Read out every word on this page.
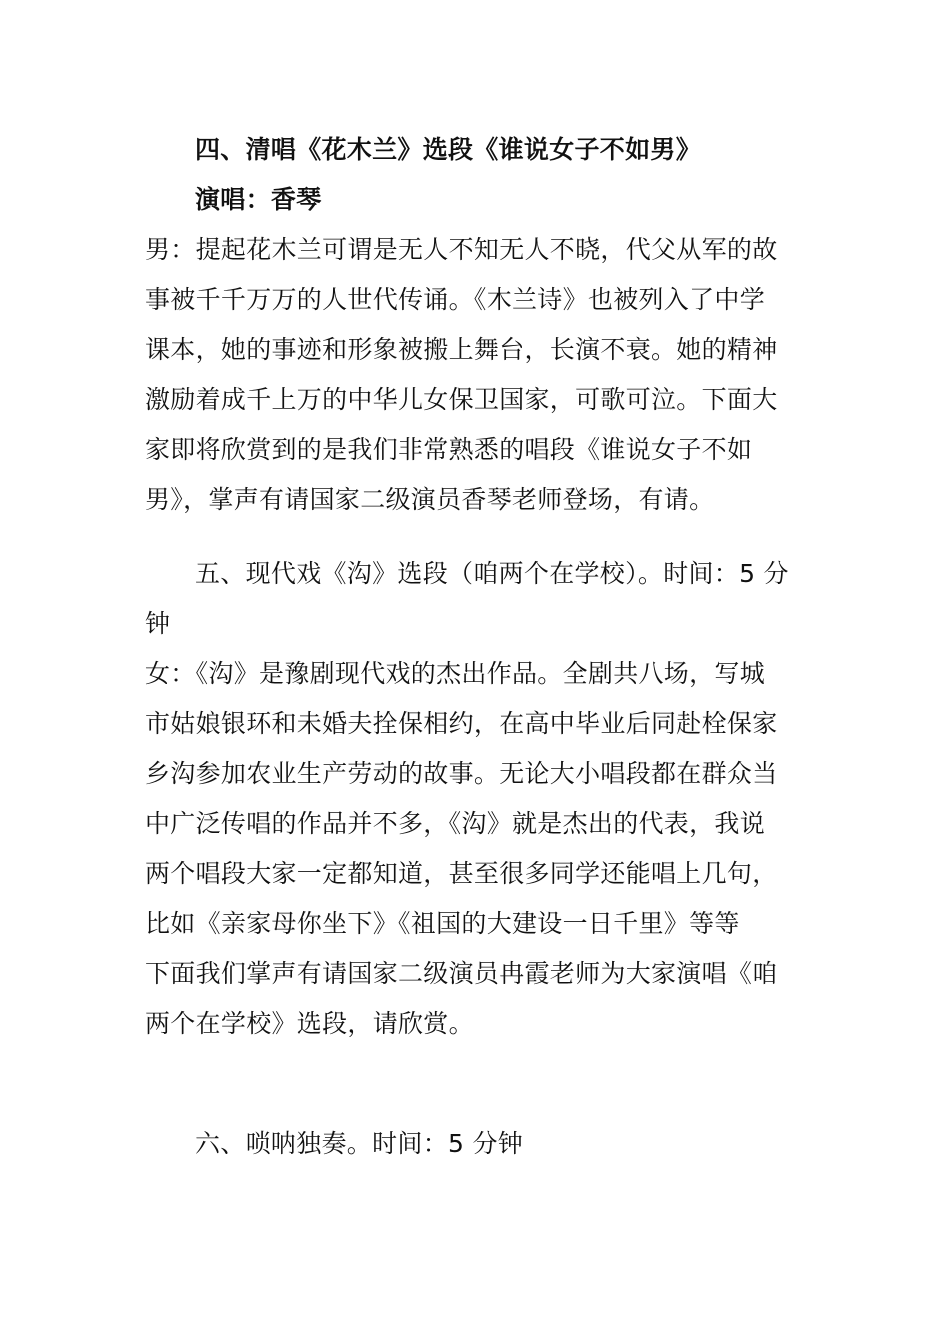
四、清唱《花木兰》选段《谁说女子不如男》
演唱：香琴
男：提起花木兰可谓是无人不知无人不晓，代父从军的故
事被千千万万的人世代传诵。《木兰诗》也被列入了中学
课本，她的事迹和形象被搬上舞台，长演不衰。她的精神
激励着成千上万的中华儿女保卫国家，可歌可泣。下面大
家即将欣赏到的是我们非常熟悉的唱段《谁说女子不如
男》，掌声有请国家二级演员香琴老师登场，有请。
五、现代戏《沟》选段（咱两个在学校）。时间：5 分
钟
女：《沟》是豫剧现代戏的杰出作品。全剧共八场，写城
市姑娘银环和未婚夫拴保相约，在高中毕业后同赴栓保家
乡沟参加农业生产劳动的故事。无论大小唱段都在群众当
中广泛传唱的作品并不多，《沟》就是杰出的代表，我说
两个唱段大家一定都知道，甚至很多同学还能唱上几句，
比如《亲家母你坐下》《祖国的大建设一日千里》等等
下面我们掌声有请国家二级演员冉霞老师为大家演唱《咱
两个在学校》选段，请欣赏。
六、唢呐独奏。时间：5 分钟
